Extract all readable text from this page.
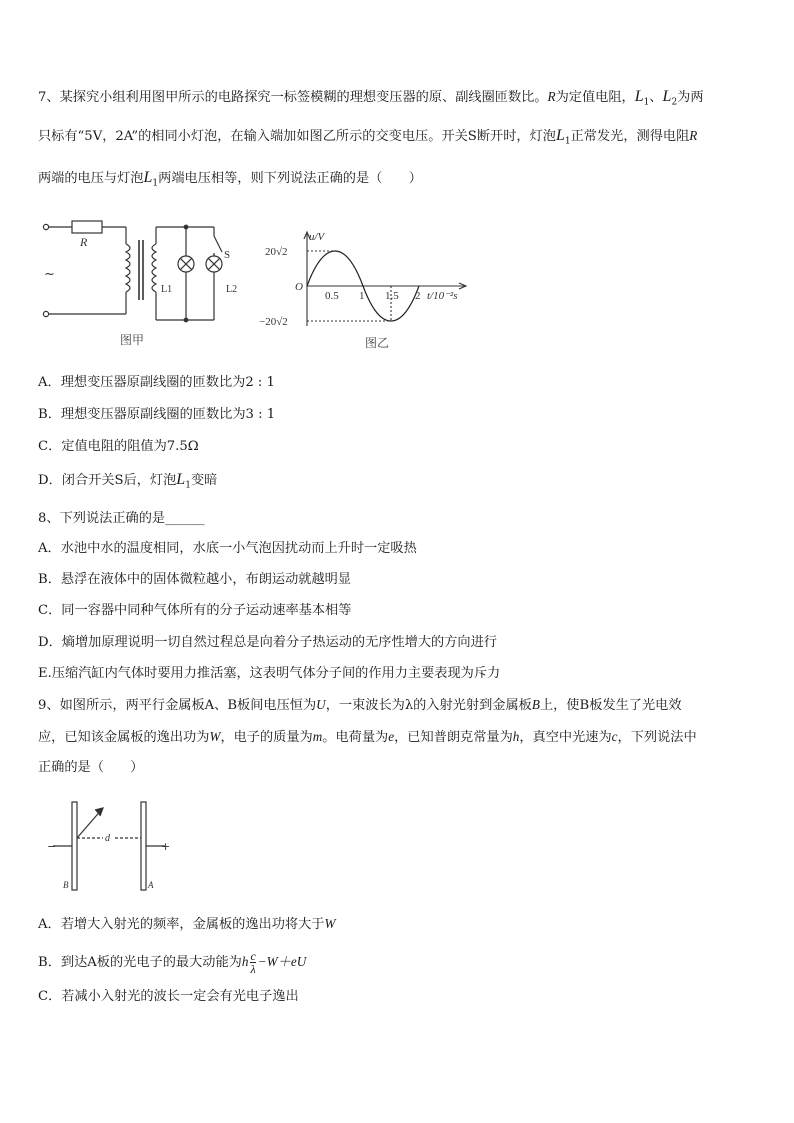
7、某探究小组利用图甲所示的电路探究一标签模糊的理想变压器的原、副线圈匝数比。R为定值电阻，$L_1$、$L_2$为两
只标有“5V，2A”的相同小灯泡，在输入端加如图乙所示的交变电压。开关S断开时，灯泡$L_1$正常发光，测得电阻R
两端的电压与灯泡$L_1$两端电压相等，则下列说法正确的是（　　）
R
S
~
L1	L2
图甲
u/V
20√2
−20√2
O
0.5 1 1.5 2 t/10⁻²s
图乙
A．理想变压器原副线圈的匝数比为2 : 1
B．理想变压器原副线圈的匝数比为3 : 1
C．定值电阻的阻值为7.5Ω
D．闭合开关S后，灯泡$L_1$变暗
8、下列说法正确的是______
A．水池中水的温度相同，水底一小气泡因扰动而上升时一定吸热
B．悬浮在液体中的固体微粒越小，布朗运动就越明显
C．同一容器中同种气体所有的分子运动速率基本相等
D．熵增加原理说明一切自然过程总是向着分子热运动的无序性增大的方向进行
E.压缩汽缸内气体时要用力推活塞，这表明气体分子间的作用力主要表现为斥力
9、如图所示，两平行金属板A、B板间电压恒为U，一束波长为λ的入射光射到金属板B上，使B板发生了光电效
应，已知该金属板的逸出功为W，电子的质量为m。电荷量为e，已知普朗克常量为h，真空中光速为c，下列说法中
正确的是（　　）
−	+
d
B	A
A．若增大入射光的频率，金属板的逸出功将大于W
B．到达A板的光电子的最大动能为h $\frac{c}{\lambda} -W+eU$
C．若减小入射光的波长一定会有光电子逸出
